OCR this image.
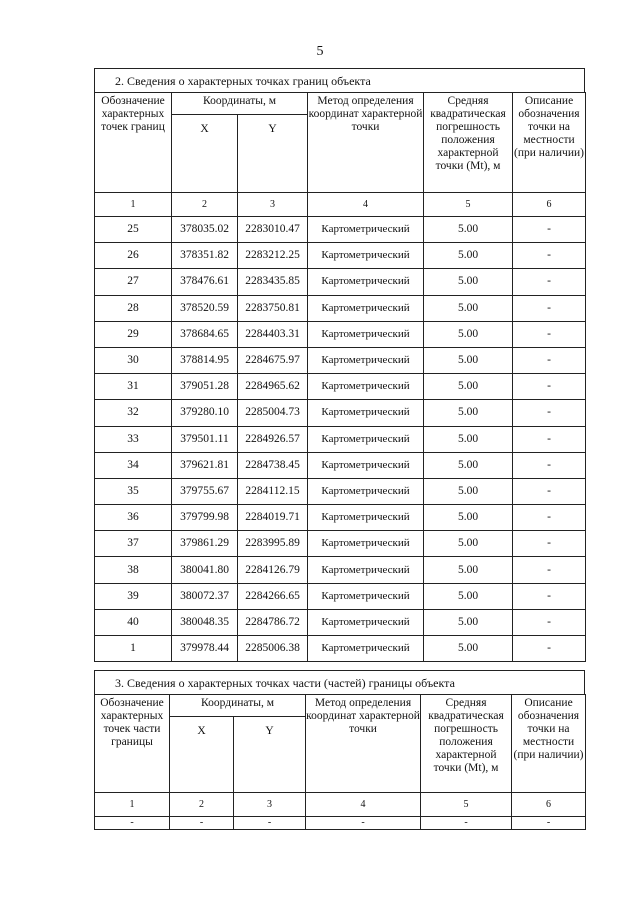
5
2. Сведения о характерных точках границ объекта
Обозначение характерных точек границ	Координаты, м		Метод определения координат характерной точки	Средняя квадратическая погрешность положения характерной точки (Mt), м	Описание обозначения точки на местности (при наличии)
	X	Y			
1	2	3	4	5	6
25	378035.02	2283010.47	Картометрический	5.00	-
26	378351.82	2283212.25	Картометрический	5.00	-
27	378476.61	2283435.85	Картометрический	5.00	-
28	378520.59	2283750.81	Картометрический	5.00	-
29	378684.65	2284403.31	Картометрический	5.00	-
30	378814.95	2284675.97	Картометрический	5.00	-
31	379051.28	2284965.62	Картометрический	5.00	-
32	379280.10	2285004.73	Картометрический	5.00	-
33	379501.11	2284926.57	Картометрический	5.00	-
34	379621.81	2284738.45	Картометрический	5.00	-
35	379755.67	2284112.15	Картометрический	5.00	-
36	379799.98	2284019.71	Картометрический	5.00	-
37	379861.29	2283995.89	Картометрический	5.00	-
38	380041.80	2284126.79	Картометрический	5.00	-
39	380072.37	2284266.65	Картометрический	5.00	-
40	380048.35	2284786.72	Картометрический	5.00	-
1	379978.44	2285006.38	Картометрический	5.00	-
3. Сведения о характерных точках части (частей) границы объекта
Обозначение характерных точек части границы	Координаты, м		Метод определения координат характерной точки	Средняя квадратическая погрешность положения характерной точки (Mt), м	Описание обозначения точки на местности (при наличии)
	X	Y			
1	2	3	4	5	6
-	-	-	-	-	-
